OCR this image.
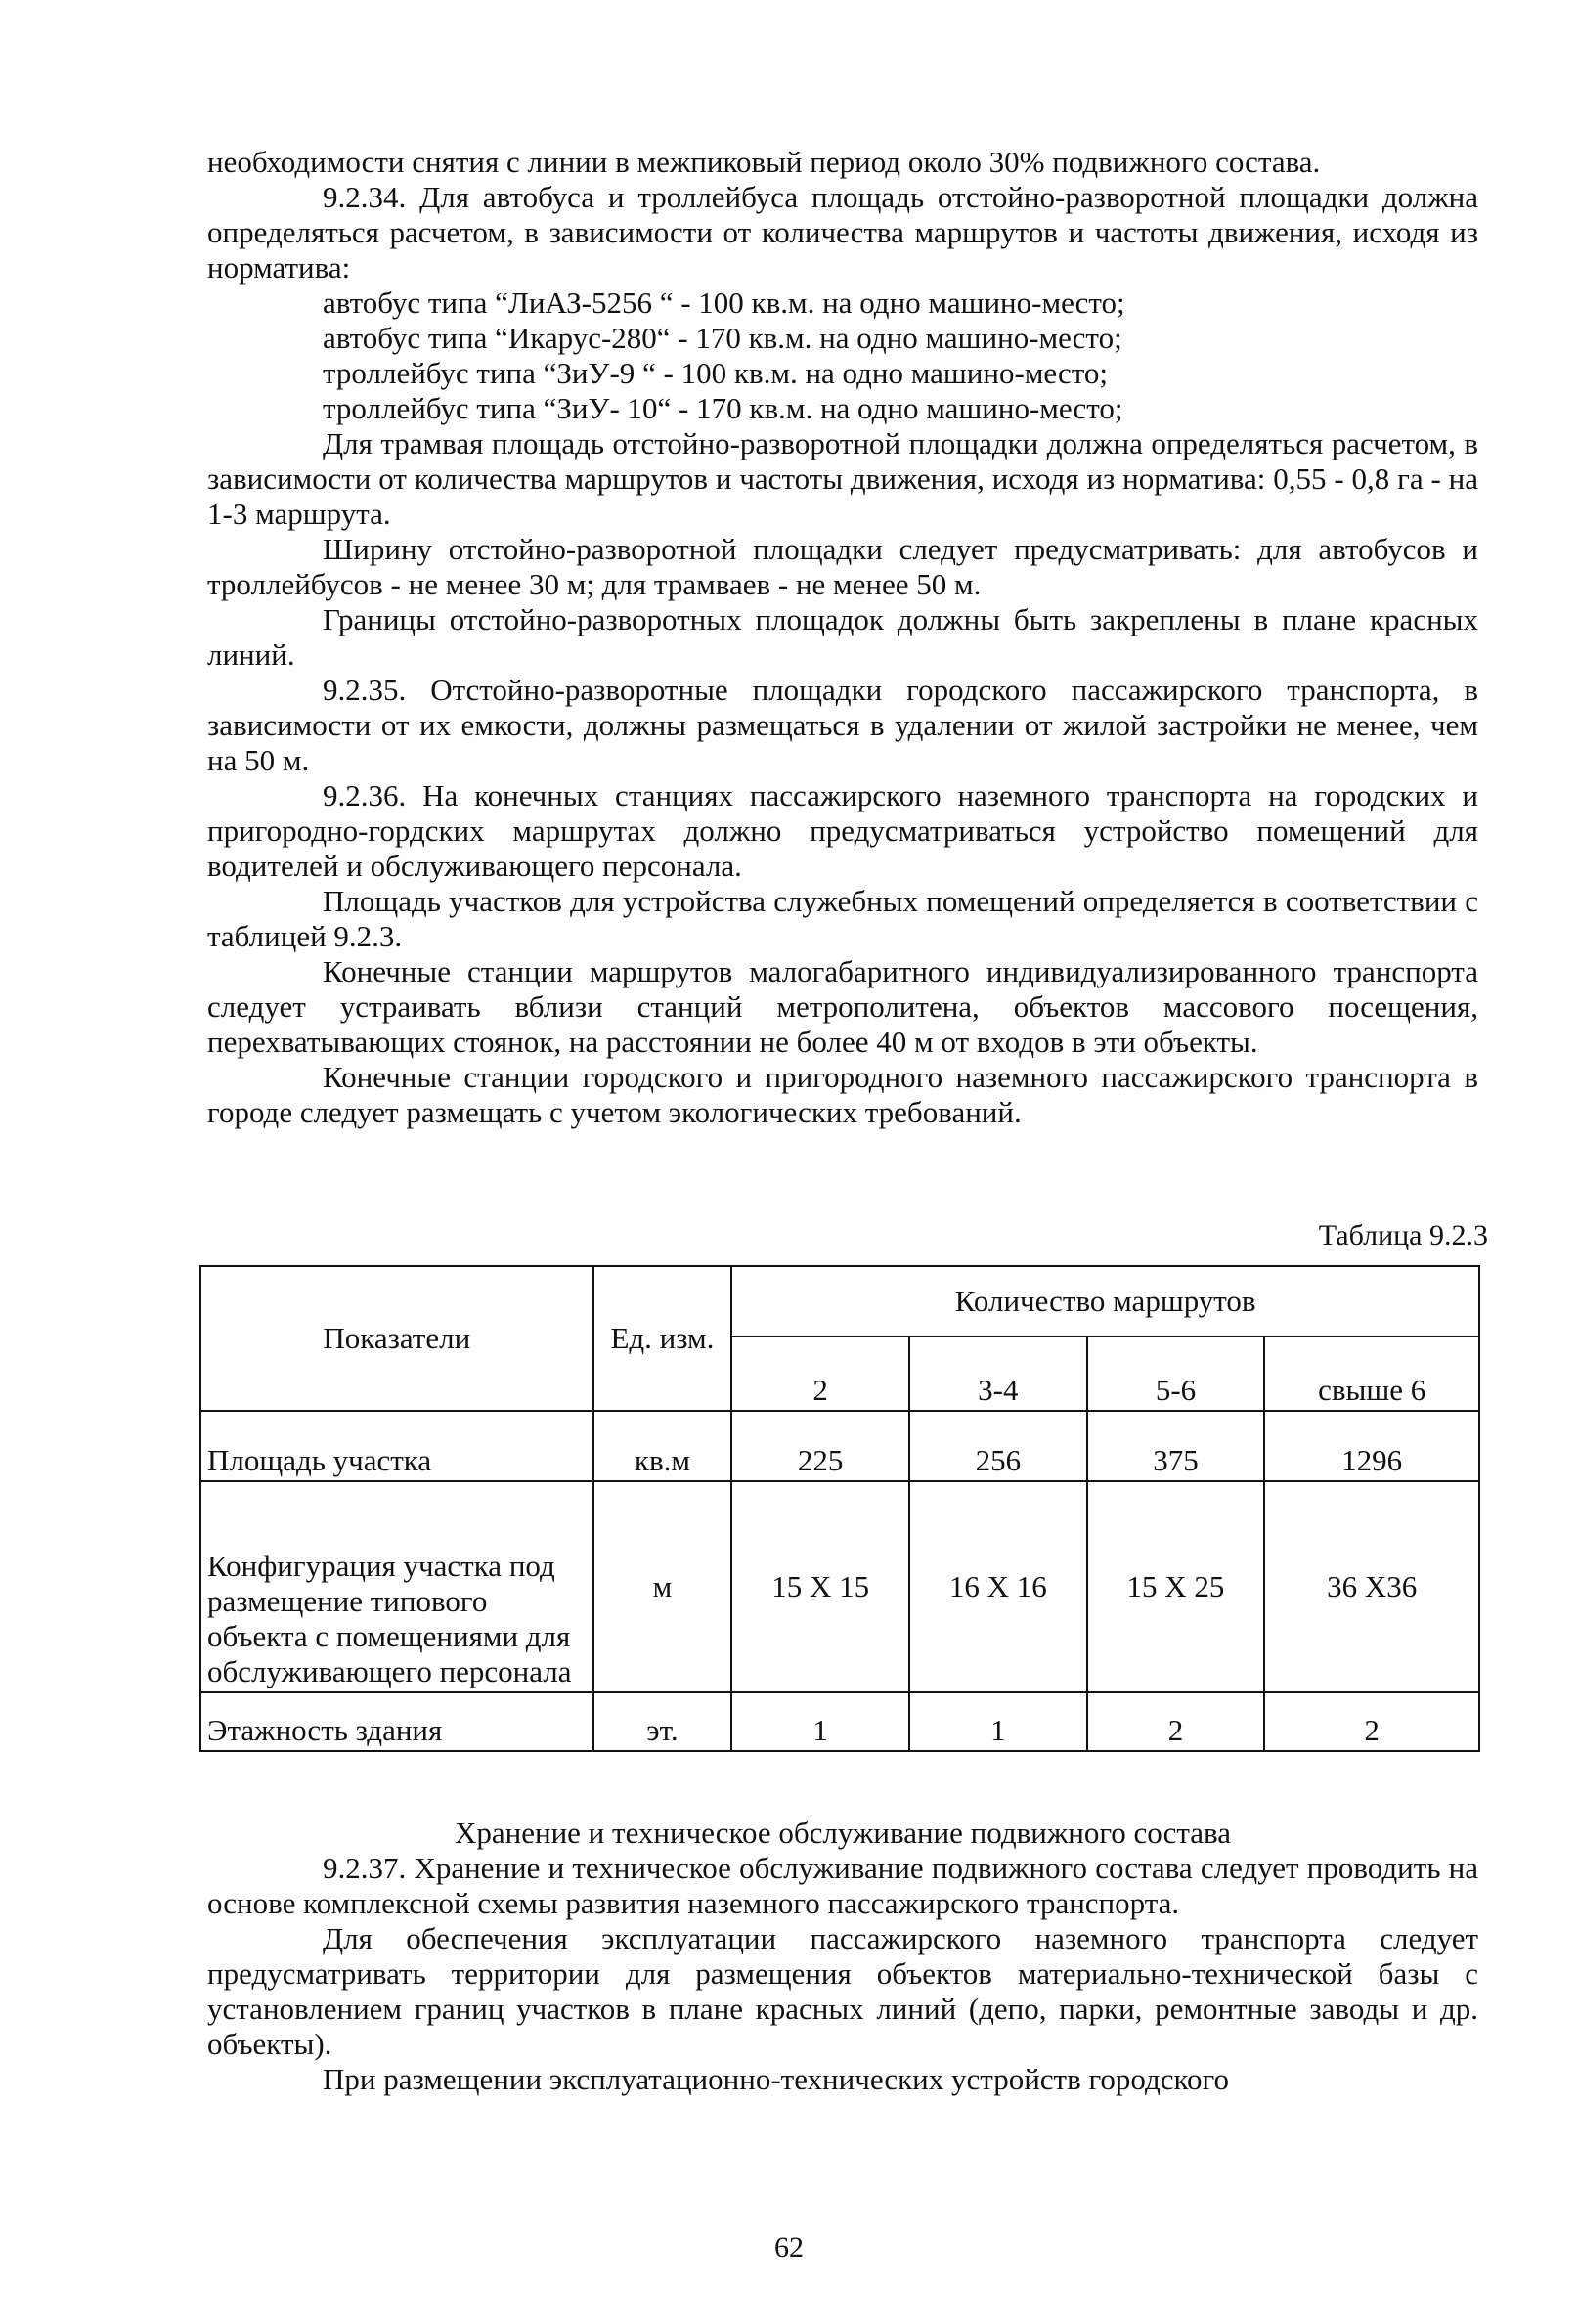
необходимости снятия с линии в межпиковый период около 30% подвижного состава.

9.2.34. Для автобуса и троллейбуса площадь отстойно-разворотной площадки должна определяться расчетом, в зависимости от количества маршрутов и частоты движения, исходя из норматива:

автобус типа “ЛиАЗ-5256 “ - 100 кв.м. на одно машино-место;

автобус типа “Икарус-280“ - 170 кв.м. на одно машино-место;

троллейбус типа “ЗиУ-9 “ - 100 кв.м. на одно машино-место;

троллейбус типа “ЗиУ- 10“ - 170 кв.м. на одно машино-место;

Для трамвая площадь отстойно-разворотной площадки должна определяться расчетом, в зависимости от количества маршрутов и частоты движения, исходя из норматива: 0,55 - 0,8 га - на 1-3 маршрута.

Ширину отстойно-разворотной площадки следует предусматривать: для автобусов и троллейбусов - не менее 30 м; для трамваев - не менее 50 м.

Границы отстойно-разворотных площадок должны быть закреплены в плане красных линий.

9.2.35. Отстойно-разворотные площадки городского пассажирского транспорта, в зависимости от их емкости, должны размещаться в удалении от жилой застройки не менее, чем на 50 м.

9.2.36. На конечных станциях пассажирского наземного транспорта на городских и пригородно-гордских маршрутах должно предусматриваться устройство помещений для водителей и обслуживающего персонала.

Площадь участков для устройства служебных помещений определяется в соответствии с таблицей 9.2.3.

Конечные станции маршрутов малогабаритного индивидуализированного транспорта следует устраивать вблизи станций метрополитена, объектов массового посещения, перехватывающих стоянок, на расстоянии не более 40 м от входов в эти объекты.

Конечные станции городского и пригородного наземного пассажирского транспорта в городе следует размещать с учетом экологических требований.

Таблица 9.2.3
Показатели	Ед. изм.	Количество маршрутов			
		2	3-4	5-6	свыше 6
Площадь участка	кв.м	225	256	375	1296
Конфигурация участка под размещение типового объекта с помещениями для обслуживающего персонала	м	15 X 15	16 X 16	15 X 25	36 X36
Этажность здания	эт.	1	1	2	2

Хранение и техническое обслуживание подвижного состава

9.2.37. Хранение и техническое обслуживание подвижного состава следует проводить на основе комплексной схемы развития наземного пассажирского транспорта.

Для обеспечения эксплуатации пассажирского наземного транспорта следует предусматривать территории для размещения объектов материально-технической базы с установлением границ участков в плане красных линий (депо, парки, ремонтные заводы и др. объекты).

При размещении эксплуатационно-технических устройств городского

62
